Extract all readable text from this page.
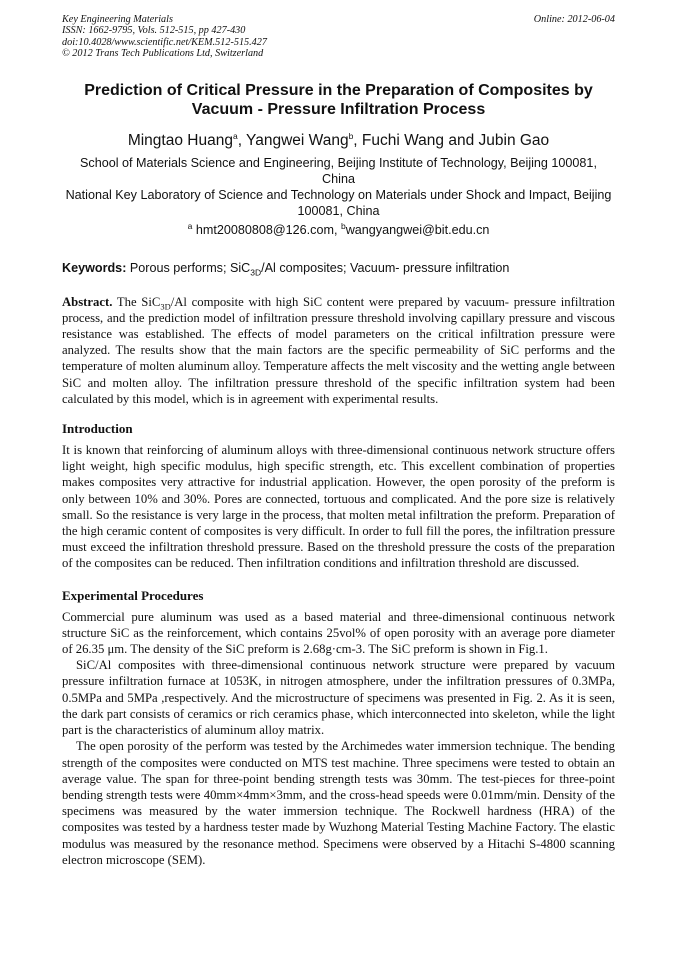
Key Engineering Materials
ISSN: 1662-9795, Vols. 512-515, pp 427-430
doi:10.4028/www.scientific.net/KEM.512-515.427
© 2012 Trans Tech Publications Ltd, Switzerland
Online: 2012-06-04
Prediction of Critical Pressure in the Preparation of Composites by Vacuum - Pressure Infiltration Process
Mingtao Huang$^a$, Yangwei Wang$^b$, Fuchi Wang and Jubin Gao
School of Materials Science and Engineering, Beijing Institute of Technology, Beijing 100081, China
National Key Laboratory of Science and Technology on Materials under Shock and Impact, Beijing 100081, China
$^a$ hmt20080808@126.com, $^b$wangyangwei@bit.edu.cn
Keywords: Porous performs; SiC$_{3D}$/Al composites; Vacuum- pressure infiltration

Abstract. The SiC$_{3D}$/Al composite with high SiC content were prepared by vacuum- pressure infiltration process, and the prediction model of infiltration pressure threshold involving capillary pressure and viscous resistance was established. The effects of model parameters on the critical infiltration pressure were analyzed. The results show that the main factors are the specific permeability of SiC performs and the temperature of molten aluminum alloy. Temperature affects the melt viscosity and the wetting angle between SiC and molten alloy. The infiltration pressure threshold of the specific infiltration system had been calculated by this model, which is in agreement with experimental results.

Introduction

It is known that reinforcing of aluminum alloys with three-dimensional continuous network structure offers light weight, high specific modulus, high specific strength, etc. This excellent combination of properties makes composites very attractive for industrial application. However, the open porosity of the preform is only between 10% and 30%. Pores are connected, tortuous and complicated. And the pore size is relatively small. So the resistance is very large in the process, that molten metal infiltration the preform. Preparation of the high ceramic content of composites is very difficult. In order to full fill the pores, the infiltration pressure must exceed the infiltration threshold pressure. Based on the threshold pressure the costs of the preparation of the composites can be reduced. Then infiltration conditions and infiltration threshold are discussed.

Experimental Procedures

Commercial pure aluminum was used as a based material and three-dimensional continuous network structure SiC as the reinforcement, which contains 25vol% of open porosity with an average pore diameter of 26.35 μm. The density of the SiC preform is 2.68g·cm-3. The SiC preform is shown in Fig.1.

SiC/Al composites with three-dimensional continuous network structure were prepared by vacuum pressure infiltration furnace at 1053K, in nitrogen atmosphere, under the infiltration pressures of 0.3MPa, 0.5MPa and 5MPa ,respectively. And the microstructure of specimens was presented in Fig. 2. As it is seen, the dark part consists of ceramics or rich ceramics phase, which interconnected into skeleton, while the light part is the characteristics of aluminum alloy matrix.

The open porosity of the perform was tested by the Archimedes water immersion technique. The bending strength of the composites were conducted on MTS test machine. Three specimens were tested to obtain an average value. The span for three-point bending strength tests was 30mm. The test-pieces for three-point bending strength tests were 40mm×4mm×3mm, and the cross-head speeds were 0.01mm/min. Density of the specimens was measured by the water immersion technique. The Rockwell hardness (HRA) of the composites was tested by a hardness tester made by Wuzhong Material Testing Machine Factory. The elastic modulus was measured by the resonance method. Specimens were observed by a Hitachi S-4800 scanning electron microscope (SEM).
